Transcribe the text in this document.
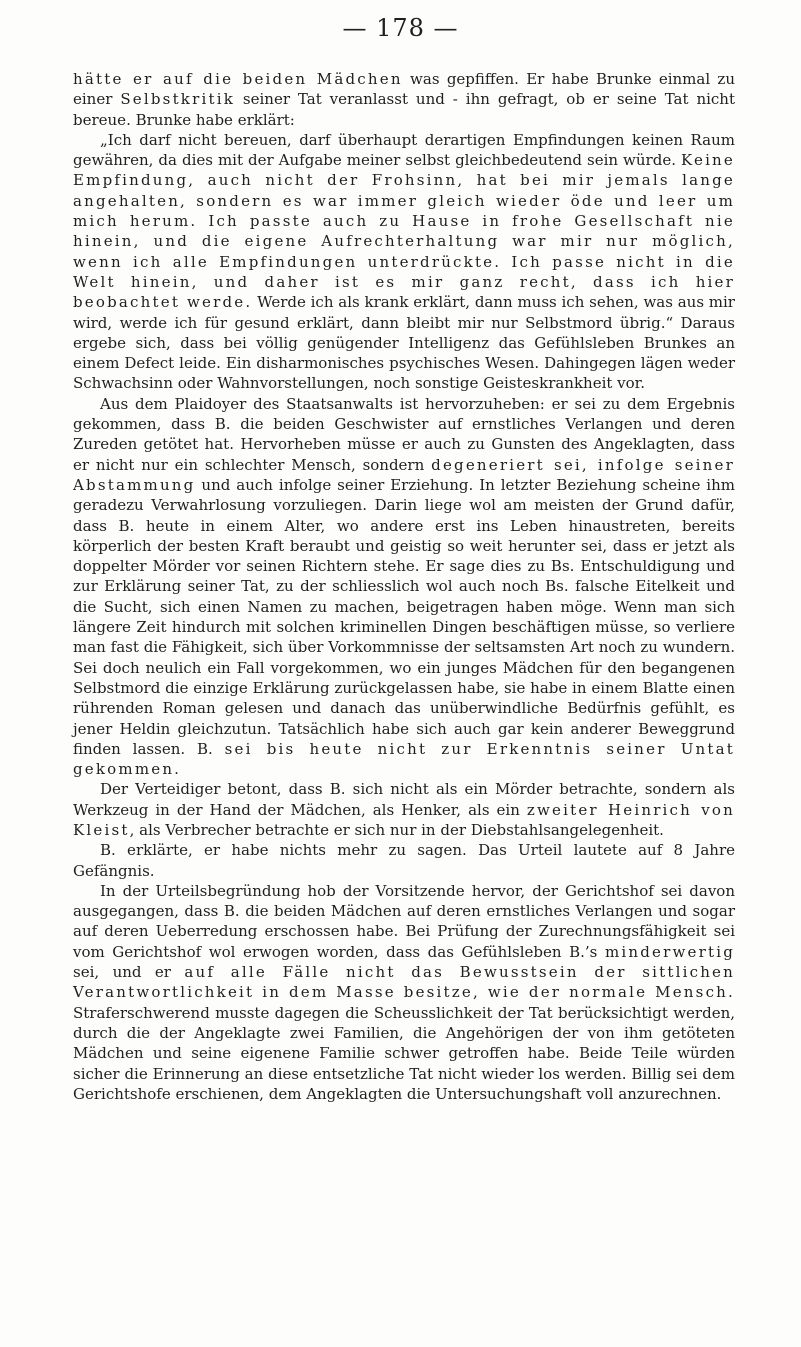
— 178 —

hätte er auf die beiden Mädchen was gepfiffen. Er habe Brunke einmal zu einer Selbstkritik seiner Tat veranlasst und - ihn gefragt, ob er seine Tat nicht bereue. Brunke habe erklärt:

„Ich darf nicht bereuen, darf überhaupt derartigen Empfindungen keinen Raum gewähren, da dies mit der Aufgabe meiner selbst gleichbedeutend sein würde. Keine Empfindung, auch nicht der Frohsinn, hat bei mir jemals lange angehalten, sondern es war immer gleich wieder öde und leer um mich herum. Ich passte auch zu Hause in frohe Gesellschaft nie hinein, und die eigene Aufrechterhaltung war mir nur möglich, wenn ich alle Empfindungen unterdrückte. Ich passe nicht in die Welt hinein, und daher ist es mir ganz recht, dass ich hier beobachtet werde. Werde ich als krank erklärt, dann muss ich sehen, was aus mir wird, werde ich für gesund erklärt, dann bleibt mir nur Selbstmord übrig.“ Daraus ergebe sich, dass bei völlig genügender Intelligenz das Gefühlsleben Brunkes an einem Defect leide. Ein disharmonisches psychisches Wesen. Dahingegen lägen weder Schwachsinn oder Wahnvorstellungen, noch sonstige Geisteskrankheit vor.

Aus dem Plaidoyer des Staatsanwalts ist hervorzuheben: er sei zu dem Ergebnis gekommen, dass B. die beiden Geschwister auf ernstliches Verlangen und deren Zureden getötet hat. Hervorheben müsse er auch zu Gunsten des Angeklagten, dass er nicht nur ein schlechter Mensch, sondern degeneriert sei, infolge seiner Abstammung und auch infolge seiner Erziehung. In letzter Beziehung scheine ihm geradezu Verwahrlosung vorzuliegen. Darin liege wol am meisten der Grund dafür, dass B. heute in einem Alter, wo andere erst ins Leben hinaustreten, bereits körperlich der besten Kraft beraubt und geistig so weit herunter sei, dass er jetzt als doppelter Mörder vor seinen Richtern stehe. Er sage dies zu Bs. Entschuldigung und zur Erklärung seiner Tat, zu der schliesslich wol auch noch Bs. falsche Eitelkeit und die Sucht, sich einen Namen zu machen, beigetragen haben möge. Wenn man sich längere Zeit hindurch mit solchen kriminellen Dingen beschäftigen müsse, so verliere man fast die Fähigkeit, sich über Vorkommnisse der seltsamsten Art noch zu wundern. Sei doch neulich ein Fall vorgekommen, wo ein junges Mädchen für den begangenen Selbstmord die einzige Erklärung zurückgelassen habe, sie habe in einem Blatte einen rührenden Roman gelesen und danach das unüberwindliche Bedürfnis gefühlt, es jener Heldin gleichzutun. Tatsächlich habe sich auch gar kein anderer Beweggrund finden lassen. B. sei bis heute nicht zur Erkenntnis seiner Untat gekommen.

Der Verteidiger betont, dass B. sich nicht als ein Mörder betrachte, sondern als Werkzeug in der Hand der Mädchen, als Henker, als ein zweiter Heinrich von Kleist, als Verbrecher betrachte er sich nur in der Diebstahlsangelegenheit.

B. erklärte, er habe nichts mehr zu sagen. Das Urteil lautete auf 8 Jahre Gefängnis.

In der Urteilsbegründung hob der Vorsitzende hervor, der Gerichtshof sei davon ausgegangen, dass B. die beiden Mädchen auf deren ernstliches Verlangen und sogar auf deren Ueberredung erschossen habe. Bei Prüfung der Zurechnungsfähigkeit sei vom Gerichtshof wol erwogen worden, dass das Gefühlsleben B.’s minderwertig sei, und er auf alle Fälle nicht das Bewusstsein der sittlichen Verantwortlichkeit in dem Masse besitze, wie der normale Mensch. Straferschwerend musste dagegen die Scheusslichkeit der Tat berücksichtigt werden, durch die der Angeklagte zwei Familien, die Angehörigen der von ihm getöteten Mädchen und seine eigenene Familie schwer getroffen habe. Beide Teile würden sicher die Erinnerung an diese entsetzliche Tat nicht wieder los werden. Billig sei dem Gerichtshofe erschienen, dem Angeklagten die Untersuchungshaft voll anzurechnen.
